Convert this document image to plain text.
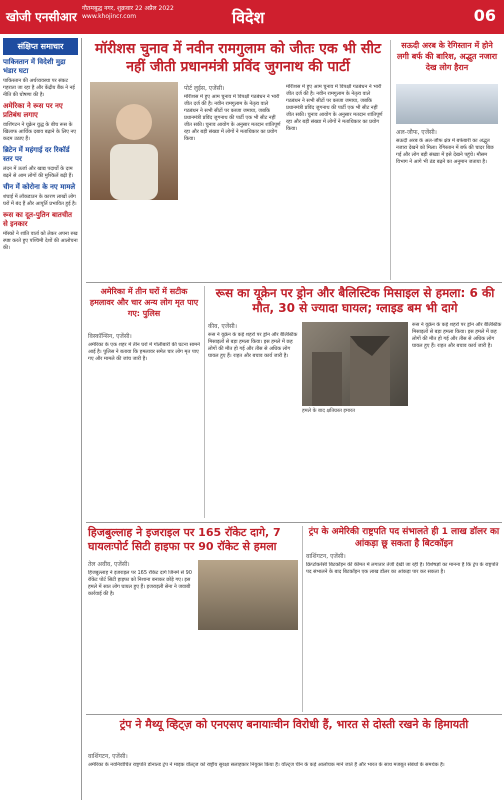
खोजी एनसीआर
गौतमबुद्ध नगर, शुक्रवार 22 अप्रैल 2022
www.khojincr.com	विदेश	06
संक्षिप्त समाचार
पाकिस्तान में विदेशी मुद्रा भंडार घटा
पाकिस्तान की अर्थव्यवस्था पर संकट गहराता जा रहा है और केंद्रीय बैंक ने नई नीति की घोषणा की है।
अमेरिका ने रूस पर नए प्रतिबंध लगाए
वाशिंगटन ने यूक्रेन युद्ध के बीच रूस के खिलाफ आर्थिक दबाव बढ़ाने के लिए नए कदम उठाए हैं।
ब्रिटेन में महंगाई दर रिकॉर्ड स्तर पर
लंदन में ऊर्जा और खाद्य पदार्थों के दाम बढ़ने से आम लोगों की मुश्किलें बढ़ी हैं।
चीन में कोरोना के नए मामले
शंघाई में लॉकडाउन के कारण लाखों लोग घरों में बंद हैं और आपूर्ति प्रभावित हुई है।
रूस का दूत-पुतिन बातचीत से इनकार
मॉस्को ने शांति वार्ता को लेकर अपना रुख स्पष्ट करते हुए पश्चिमी देशों की आलोचना की।
मॉरीशस चुनाव में नवीन रामगुलाम को जीतः एक भी सीट नहीं जीती प्रधानमंत्री प्रविंद जुगनाथ की पार्टी
पोर्ट लुईस, एजेंसी।
मॉरीशस में हुए आम चुनाव में विपक्षी गठबंधन ने भारी जीत दर्ज की है। नवीन रामगुलाम के नेतृत्व वाले गठबंधन ने सभी सीटों पर कब्जा जमाया, जबकि प्रधानमंत्री प्रविंद जुगनाथ की पार्टी एक भी सीट नहीं जीत सकी। चुनाव आयोग के अनुसार मतदान शांतिपूर्ण रहा और बड़ी संख्या में लोगों ने मताधिकार का प्रयोग किया।
मॉरीशस में हुए आम चुनाव में विपक्षी गठबंधन ने भारी जीत दर्ज की है। नवीन रामगुलाम के नेतृत्व वाले गठबंधन ने सभी सीटों पर कब्जा जमाया, जबकि प्रधानमंत्री प्रविंद जुगनाथ की पार्टी एक भी सीट नहीं जीत सकी। चुनाव आयोग के अनुसार मतदान शांतिपूर्ण रहा और बड़ी संख्या में लोगों ने मताधिकार का प्रयोग किया।
सऊदी अरब के रेगिस्तान में होने लगी बर्फ की बारिश, अद्भुत नजारा देख लोग हैरान
अल-जौफ, एजेंसी।
सऊदी अरब के अल-जौफ क्षेत्र में बर्फबारी का अद्भुत नजारा देखने को मिला। रेगिस्तान में बर्फ की चादर बिछ गई और लोग बड़ी संख्या में इसे देखने पहुंचे। मौसम विभाग ने आगे भी ठंड बढ़ने का अनुमान जताया है।
अमेरिका में तीन घरों में सटीक हमलावर और चार अन्य लोग मृत पाए गए: पुलिस
विस्कॉन्सिन, एजेंसी।
अमेरिका के एक शहर में तीन घरों में गोलीबारी की घटना सामने आई है। पुलिस ने बताया कि हमलावर समेत चार लोग मृत पाए गए और मामले की जांच जारी है।
रूस का यूक्रेन पर ड्रोन और बैलिस्टिक मिसाइल से हमला: 6 की मौत, 30 से ज्यादा घायल; ग्लाइड बम भी दागे
कीव, एजेंसी।
रूस ने यूक्रेन के कई शहरों पर ड्रोन और बैलिस्टिक मिसाइलों से बड़ा हमला किया। इस हमले में छह लोगों की मौत हो गई और तीस से अधिक लोग घायल हुए हैं। राहत और बचाव कार्य जारी है।
हमले के बाद क्षतिग्रस्त इमारत
रूस ने यूक्रेन के कई शहरों पर ड्रोन और बैलिस्टिक मिसाइलों से बड़ा हमला किया। इस हमले में छह लोगों की मौत हो गई और तीस से अधिक लोग घायल हुए हैं। राहत और बचाव कार्य जारी है।
हिजबुल्लाह ने इजराइल पर 165 रॉकेट दागे, 7 घायलःपोर्ट सिटी हाइफा पर 90 रॉकेट से हमला
तेल अवीव, एजेंसी।
हिजबुल्लाह ने इजराइल पर 165 रॉकेट दागे जिनमें से 90 रॉकेट पोर्ट सिटी हाइफा को निशाना बनाकर छोड़े गए। इस हमले में सात लोग घायल हुए हैं। इजराइली सेना ने जवाबी कार्रवाई की है।
ट्रंप के अमेरिकी राष्ट्रपति पद संभालते ही 1 लाख डॉलर का आंकड़ा छू सकता है बिटकॉइन
वाशिंगटन, एजेंसी।
क्रिप्टोकरेंसी बिटकॉइन की कीमत में लगातार तेजी देखी जा रही है। विशेषज्ञों का मानना है कि ट्रंप के राष्ट्रपति पद संभालने के बाद बिटकॉइन एक लाख डॉलर का आंकड़ा पार कर सकता है।
ट्रंप ने मैथ्यू व्हिट्ज़ को एनएसए बनायाःचीन विरोधी हैं, भारत से दोस्ती रखने के हिमायती
वाशिंगटन, एजेंसी।
अमेरिका के नवनिर्वाचित राष्ट्रपति डोनाल्ड ट्रंप ने माइक वॉल्ट्ज को राष्ट्रीय सुरक्षा सलाहकार नियुक्त किया है। वॉल्ट्ज चीन के कड़े आलोचक माने जाते हैं और भारत के साथ मजबूत संबंधों के समर्थक हैं।
